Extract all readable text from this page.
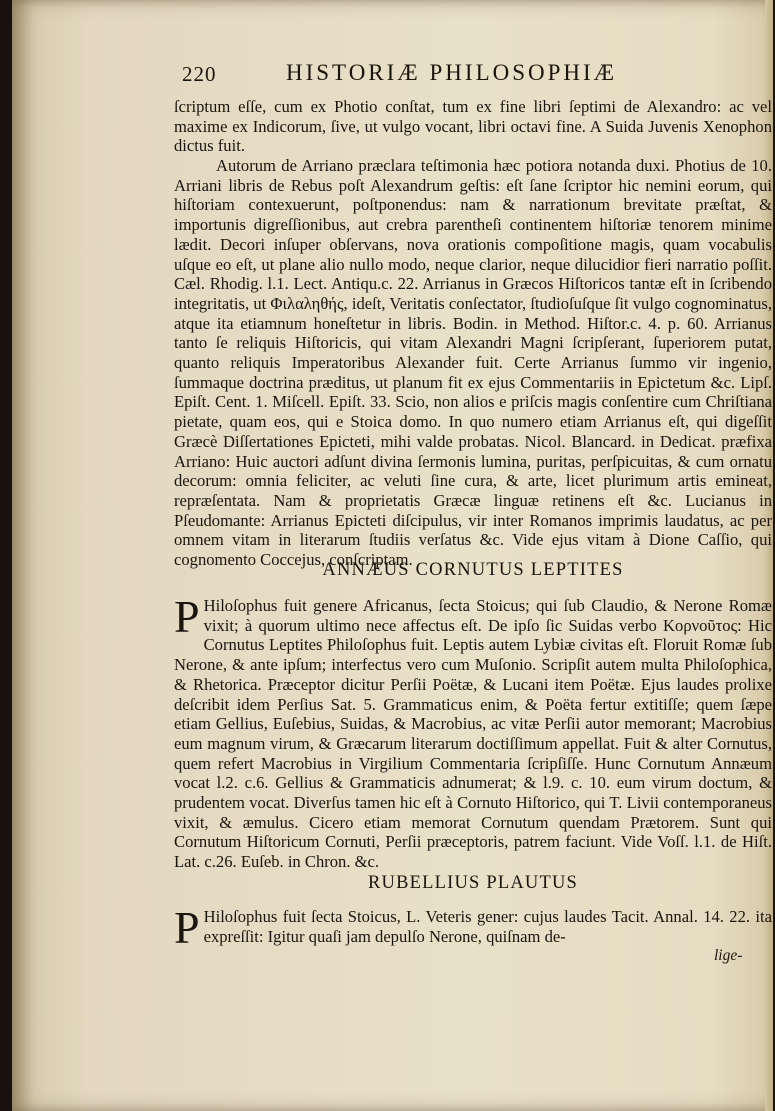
220	HISTORIÆ PHILOSOPHIÆ
ſcriptum eſſe, cum ex Photio conſtat, tum ex fine libri ſeptimi de Alexandro: ac vel maxime ex Indicorum, ſive, ut vulgo vocant, libri octavi fine. A Suida Juvenis Xenophon dictus fuit.
Autorum de Arriano præclara teſtimonia hæc potiora notanda duxi. Photius de 10. Arriani libris de Rebus poſt Alexandrum geſtis: eſt ſane ſcriptor hic nemini eorum, qui hiſtoriam contexuerunt, poſtponendus: nam & narrationum brevitate præſtat, & importunis digreſſionibus, aut crebra parentheſi continentem hiſtoriæ tenorem minime lædit. Decori inſuper obſervans, nova orationis compoſitione magis, quam vocabulis uſque eo eſt, ut plane alio nullo modo, neque clarior, neque dilucidior fieri narratio poſſit. Cæl. Rhodig. l.1. Lect. Antiqu.c. 22. Arrianus in Græcos Hiſtoricos tantæ eſt in ſcribendo integritatis, ut Φιλαληθής, ideſt, Veritatis conſectator, ſtudioſuſque ſit vulgo cognominatus, atque ita etiamnum honeſtetur in libris. Bodin. in Method. Hiſtor.c. 4. p. 60. Arrianus tanto ſe reliquis Hiſtoricis, qui vitam Alexandri Magni ſcripſerant, ſuperiorem putat, quanto reliquis Imperatoribus Alexander fuit. Certe Arrianus ſummo vir ingenio, ſummaque doctrina præditus, ut planum fit ex ejus Commentariis in Epictetum &c. Lipſ. Epiſt. Cent. 1. Miſcell. Epiſt. 33. Scio, non alios e priſcis magis conſentire cum Chriſtiana pietate, quam eos, qui e Stoica domo. In quo numero etiam Arrianus eſt, qui digeſſit Græcè Diſſertationes Epicteti, mihi valde probatas. Nicol. Blancard. in Dedicat. præfixa Arriano: Huic auctori adſunt divina ſermonis lumina, puritas, perſpicuitas, & cum ornatu decorum: omnia feliciter, ac veluti ſine cura, & arte, licet plurimum artis emineat, repræſentata. Nam & proprietatis Græcæ linguæ retinens eſt &c. Lucianus in Pſeudomante: Arrianus Epicteti diſcipulus, vir inter Romanos imprimis laudatus, ac per omnem vitam in literarum ſtudiis verſatus &c. Vide ejus vitam à Dione Caſſio, qui cognomento Coccejus, conſcriptam.
ANNÆUS CORNUTUS LEPTITES
P Hiloſophus fuit genere Africanus, ſecta Stoicus; qui ſub Claudio, & Nerone Romæ vixit; à quorum ultimo nece affectus eſt. De ipſo ſic Suidas verbo Κορνοῦτος: Hic Cornutus Leptites Philoſophus fuit. Leptis autem Lybiæ civitas eſt. Floruit Romæ ſub Nerone, & ante ipſum; interfectus vero cum Muſonio. Scripſit autem multa Philoſophica, & Rhetorica. Præceptor dicitur Perſii Poëtæ, & Lucani item Poëtæ. Ejus laudes prolixe deſcribit idem Perſius Sat. 5. Grammaticus enim, & Poëta fertur extitiſſe; quem ſæpe etiam Gellius, Euſebius, Suidas, & Macrobius, ac vitæ Perſii autor memorant; Macrobius eum magnum virum, & Græcarum literarum doctiſſimum appellat. Fuit & alter Cornutus, quem refert Macrobius in Virgilium Commentaria ſcripſiſſe. Hunc Cornutum Annæum vocat l.2. c.6. Gellius & Grammaticis adnumerat; & l.9. c. 10. eum virum doctum, & prudentem vocat. Diverſus tamen hic eſt à Cornuto Hiſtorico, qui T. Livii contemporaneus vixit, & æmulus. Cicero etiam memorat Cornutum quendam Prætorem. Sunt qui Cornutum Hiſtoricum Cornuti, Perſii præceptoris, patrem faciunt. Vide Voſſ. l.1. de Hiſt. Lat. c.26. Euſeb. in Chron. &c.
RUBELLIUS PLAUTUS
P Hiloſophus fuit ſecta Stoicus, L. Veteris gener: cujus laudes Tacit. Annal. 14. 22. ita expreſſit: Igitur quaſi jam depulſo Nerone, quiſnam de-
lige-
